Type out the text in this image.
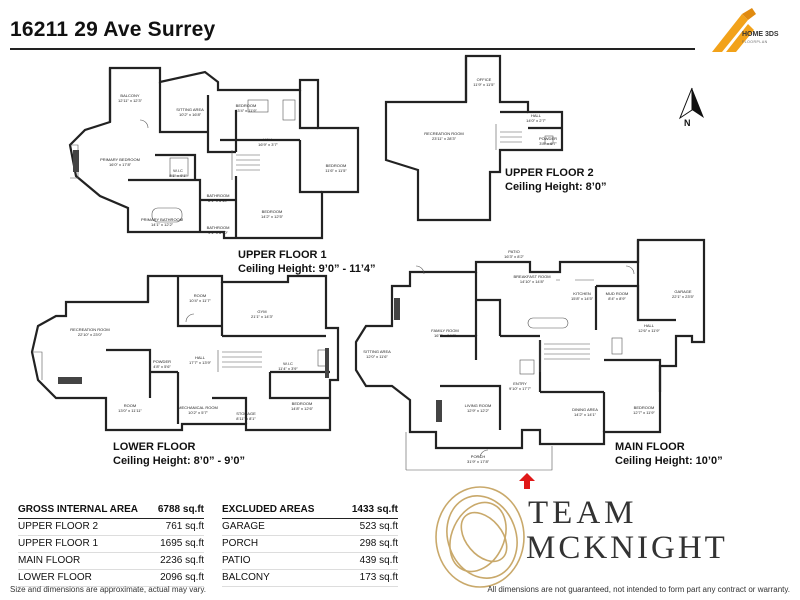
16211 29 Ave Surrey	HOME 3DS
FLOORPLAN
N
BALCONY
12’11” x 12’3”
SITTING AREA
10’2” x 16’8”
BEDROOM
13’4” x 11’9”
HALL
16’9” x 3’7”
PRIMARY BEDROOM
16’0” x 17’8”
W.I.C
8’1” x 9’1”
BEDROOM
11’6” x 11’5”
BATHROOM
8’1” x 5’10”
PRIMARY BATHROOM
14’1” x 12’2”
BEDROOM
14’2” x 12’5”
BATHROOM
9’1” x 6’10”
OFFICE
11’9” x 11’5”
RECREATION ROOM
23’11” x 28’3”
HALL
14’0” x 2’7”
POWDER
3’8” x 6’7”
RECREATION ROOM
22’10” x 23’0”
ROOM
10’4” x 11’7”
GYM
21’1” x 14’3”
POWDER
4’8” x 5’6”
HALL
17’7” x 13’9”	W.I.C
11’4” x 3’9”
ROOM
13’0” x 11’11”
MECHANICAL ROOM
10’2” x 5’7”	STORAGE
8’11” x 8’1”
BEDROOM
14’8” x 12’6”
PATIO
16’3” x 8’2”
BREAKFAST ROOM
14’10” x 14’8”
GARAGE
22’1” x 23’5”
MUD ROOM
8’4” x 8’9”
KITCHEN
15’8” x 14’5”
FAMILY ROOM
16’7” x 24’3”
SITTING AREA
12’0” x 11’6”
HALL
12’6” x 11’9”
ENTRY
9’10” x 17’7”
LIVING ROOM
12’9” x 12’2”	DINING AREA
14’2” x 14’1”
BEDROOM
12’7” x 11’9”
PORCH
31’9” x 17’8”
UPPER FLOOR 1
Ceiling Height: 9’0” - 11’4”
UPPER FLOOR 2
Ceiling Height: 8’0”
LOWER FLOOR
Ceiling Height: 8’0” - 9’0”
MAIN FLOOR
Ceiling Height: 10’0”
GROSS INTERNAL AREA 6788 sq.ft
UPPER FLOOR 2	761 sq.ft
UPPER FLOOR 1	1695 sq.ft
MAIN FLOOR	2236 sq.ft
LOWER FLOOR	2096 sq.ft
EXCLUDED AREAS	1433 sq.ft
GARAGE	523 sq.ft
PORCH	298 sq.ft
PATIO	439 sq.ft
BALCONY	173 sq.ft
TEAM
MCKNIGHT
Size and dimensions are approximate, actual may vary.	All dimensions are not guaranteed, not intended to form part any contract or warranty.
